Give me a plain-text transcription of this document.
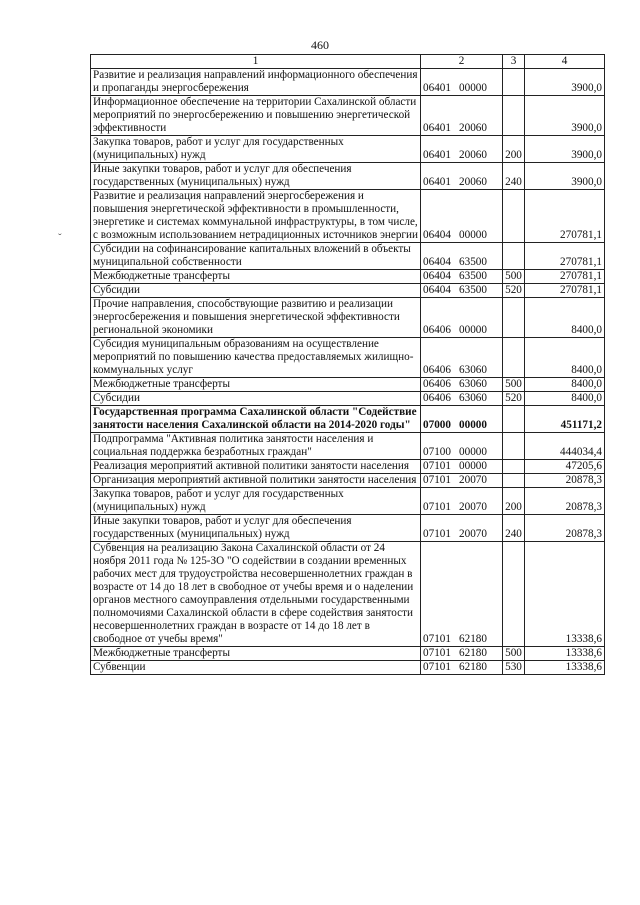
460
ˇ
1	2	3	4
Развитие и реализация направлений информационного обеспечения и пропаганды энергосбережения	06401 00000		3900,0
Информационное обеспечение на территории Сахалинской области мероприятий по энергосбережению и повышению энергетической эффективности	06401 20060		3900,0
Закупка товаров, работ и услуг для государственных (муниципальных) нужд	06401 20060	200	3900,0
Иные закупки товаров, работ и услуг для обеспечения государственных (муниципальных) нужд	06401 20060	240	3900,0
Развитие и реализация направлений энергосбережения и повышения энергетической эффективности в промышленности, энергетике и системах коммунальной инфраструктуры, в том числе, с возможным использованием нетрадиционных источников энергии	06404 00000		270781,1
Субсидии на софинансирование капитальных вложений в объекты муниципальной собственности	06404 63500		270781,1
Межбюджетные трансферты	06404 63500	500	270781,1
Субсидии	06404 63500	520	270781,1
Прочие направления, способствующие развитию и реализации энергосбережения и повышения энергетической эффективности региональной экономики	06406 00000		8400,0
Субсидия муниципальным образованиям на осуществление мероприятий по повышению качества предоставляемых жилищно-коммунальных услуг	06406 63060		8400,0
Межбюджетные трансферты	06406 63060	500	8400,0
Субсидии	06406 63060	520	8400,0
Государственная программа Сахалинской области "Содействие занятости населения Сахалинской области на 2014-2020 годы"	07000 00000		451171,2
Подпрограмма "Активная политика занятости населения и социальная поддержка безработных граждан"	07100 00000		444034,4
Реализация мероприятий активной политики занятости населения	07101 00000		47205,6
Организация мероприятий активной политики занятости населения	07101 20070		20878,3
Закупка товаров, работ и услуг для государственных (муниципальных) нужд	07101 20070	200	20878,3
Иные закупки товаров, работ и услуг для обеспечения государственных (муниципальных) нужд	07101 20070	240	20878,3
Субвенция на реализацию Закона Сахалинской области от 24 ноября 2011 года № 125-ЗО "О содействии в создании временных рабочих мест для трудоустройства несовершеннолетних граждан в возрасте от 14 до 18 лет в свободное от учебы время и о наделении органов местного самоуправления отдельными государственными полномочиями Сахалинской области в сфере содействия занятости несовершеннолетних граждан в возрасте от 14 до 18 лет в свободное от учебы время"	07101 62180		13338,6
Межбюджетные трансферты	07101 62180	500	13338,6
Субвенции	07101 62180	530	13338,6
